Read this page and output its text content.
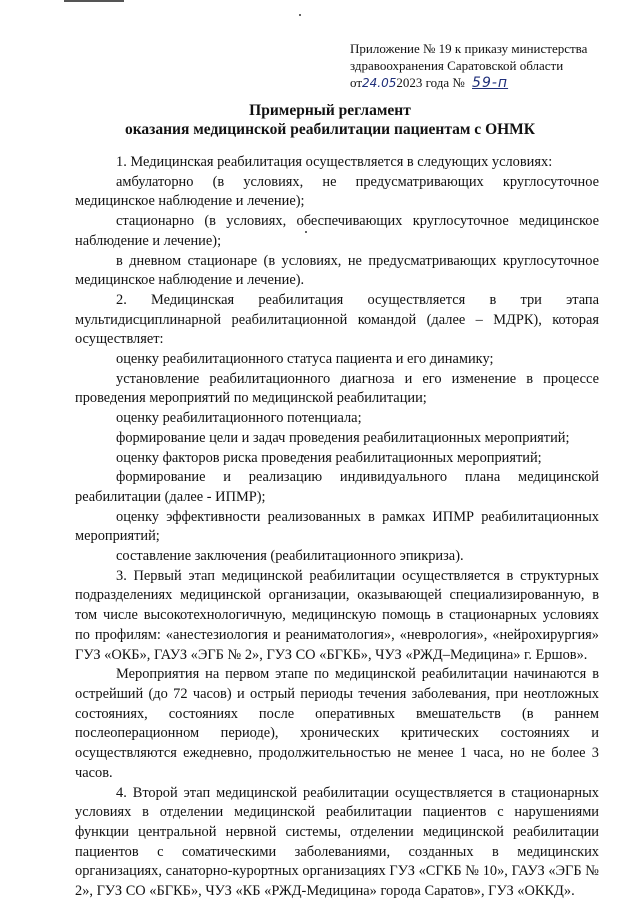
Приложение № 19 к приказу министерства
здравоохранения Саратовской области
от24.052023 года № 59-п
Примерный регламент
оказания медицинской реабилитации пациентам с ОНМК

1. Медицинская реабилитация осуществляется в следующих условиях:

амбулаторно (в условиях, не предусматривающих круглосуточное медицинское наблюдение и лечение);

стационарно (в условиях, обеспечивающих круглосуточное медицинское наблюдение и лечение);

в дневном стационаре (в условиях, не предусматривающих круглосуточное медицинское наблюдение и лечение).

2. Медицинская реабилитация осуществляется в три этапа мультидисциплинарной реабилитационной командой (далее – МДРК), которая осуществляет:

оценку реабилитационного статуса пациента и его динамику;

установление реабилитационного диагноза и его изменение в процессе проведения мероприятий по медицинской реабилитации;

оценку реабилитационного потенциала;

формирование цели и задач проведения реабилитационных мероприятий;

оценку факторов риска проведения реабилитационных мероприятий;

формирование и реализацию индивидуального плана медицинской реабилитации (далее - ИПМР);

оценку эффективности реализованных в рамках ИПМР реабилитационных мероприятий;

составление заключения (реабилитационного эпикриза).

3. Первый этап медицинской реабилитации осуществляется в структурных подразделениях медицинской организации, оказывающей специализированную, в том числе высокотехнологичную, медицинскую помощь в стационарных условиях по профилям: «анестезиология и реаниматология», «неврология», «нейрохирургия» ГУЗ «ОКБ», ГАУЗ «ЭГБ № 2», ГУЗ СО «БГКБ», ЧУЗ «РЖД–Медицина» г. Ершов».

Мероприятия на первом этапе по медицинской реабилитации начинаются в острейший (до 72 часов) и острый периоды течения заболевания, при неотложных состояниях, состояниях после оперативных вмешательств (в раннем послеоперационном периоде), хронических критических состояниях и осуществляются ежедневно, продолжительностью не менее 1 часа, но не более 3 часов.

4. Второй этап медицинской реабилитации осуществляется в стационарных условиях в отделении медицинской реабилитации пациентов с нарушениями функции центральной нервной системы, отделении медицинской реабилитации пациентов с соматическими заболеваниями, созданных в медицинских организациях, санаторно-курортных организациях ГУЗ «СГКБ № 10», ГАУЗ «ЭГБ № 2», ГУЗ СО «БГКБ», ЧУЗ «КБ «РЖД-Медицина» города Саратов», ГУЗ «ОККД».
